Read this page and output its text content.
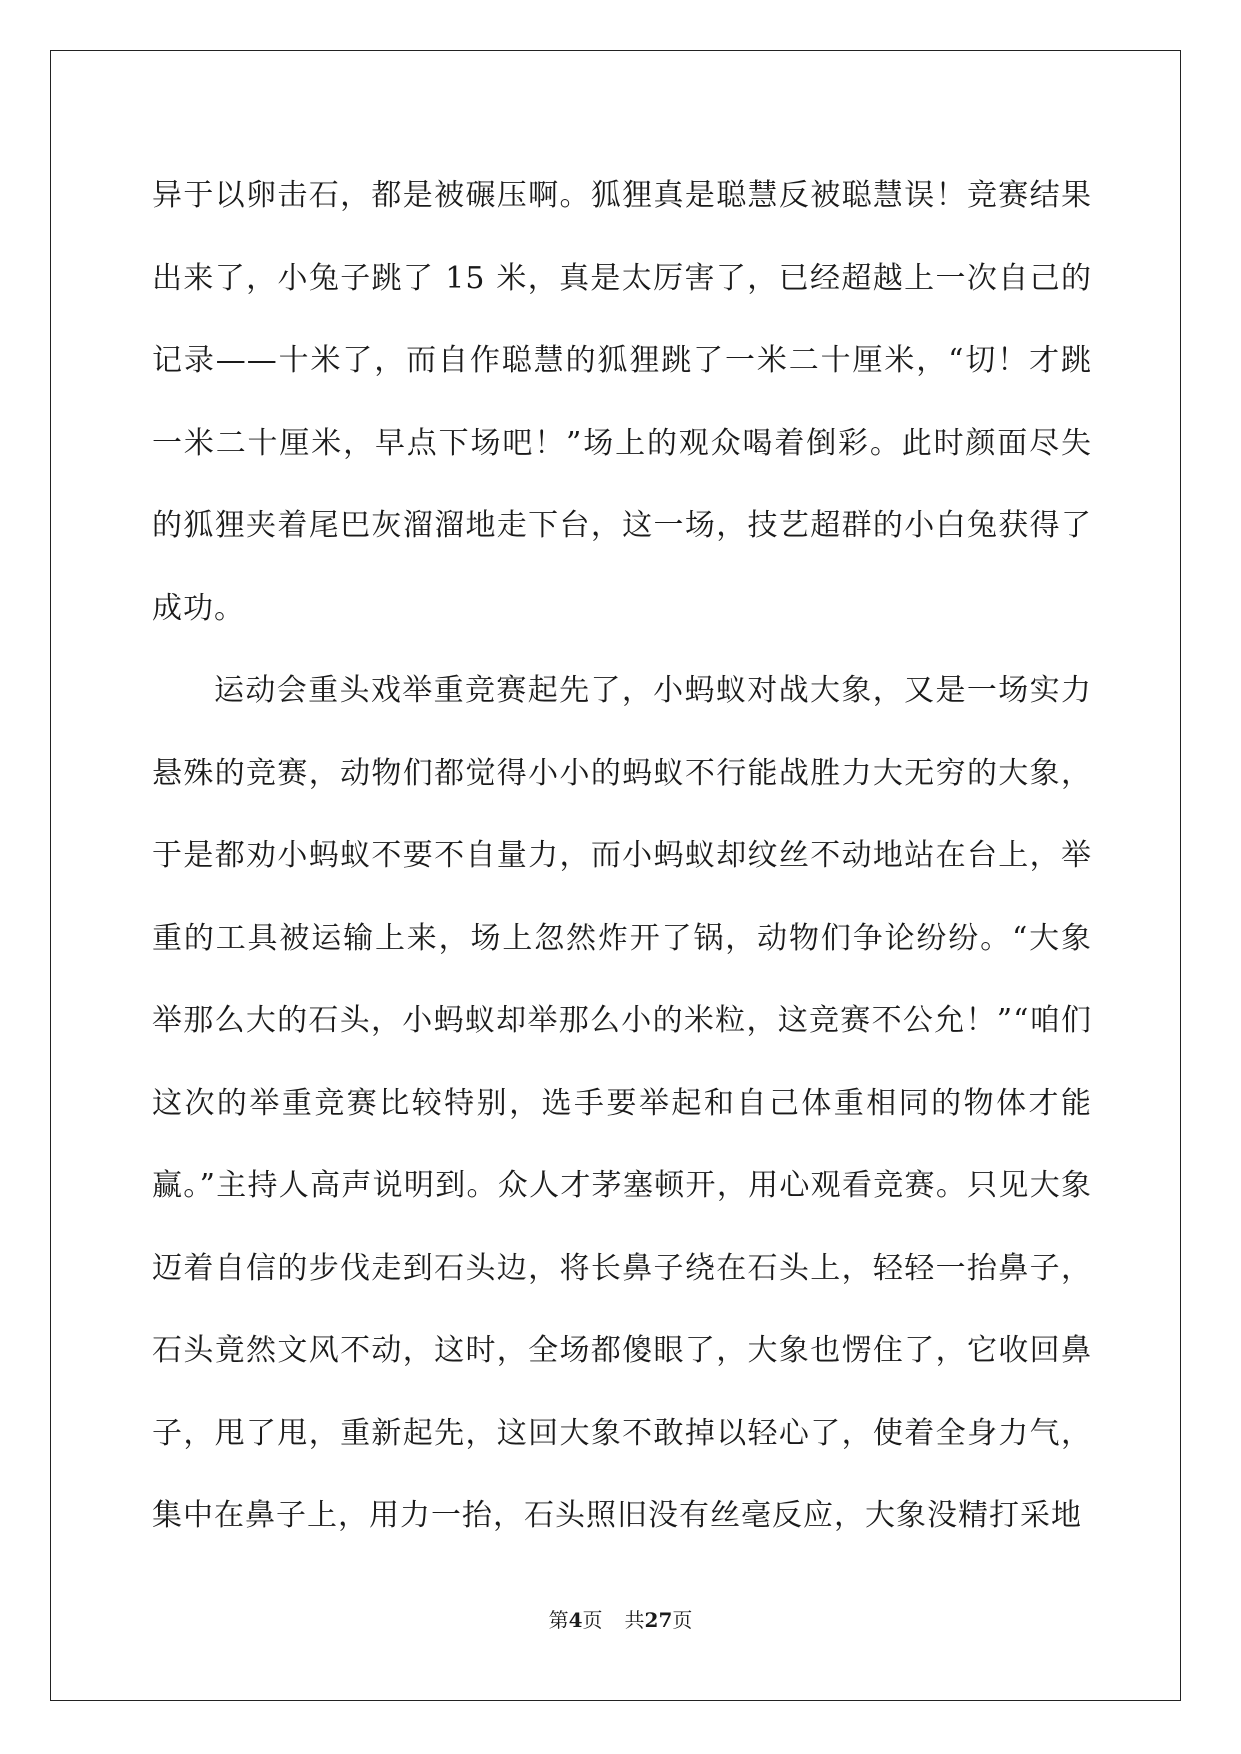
异于以卵击石，都是被碾压啊。狐狸真是聪慧反被聪慧误！竞赛结果出来了，小兔子跳了 15 米，真是太厉害了，已经超越上一次自己的记录——十米了，而自作聪慧的狐狸跳了一米二十厘米，“切！才跳一米二十厘米，早点下场吧！”场上的观众喝着倒彩。此时颜面尽失的狐狸夹着尾巴灰溜溜地走下台，这一场，技艺超群的小白兔获得了成功。

运动会重头戏举重竞赛起先了，小蚂蚁对战大象，又是一场实力悬殊的竞赛，动物们都觉得小小的蚂蚁不行能战胜力大无穷的大象，于是都劝小蚂蚁不要不自量力，而小蚂蚁却纹丝不动地站在台上，举重的工具被运输上来，场上忽然炸开了锅，动物们争论纷纷。“大象举那么大的石头，小蚂蚁却举那么小的米粒，这竞赛不公允！”“咱们这次的举重竞赛比较特别，选手要举起和自己体重相同的物体才能赢。”主持人高声说明到。众人才茅塞顿开，用心观看竞赛。只见大象迈着自信的步伐走到石头边，将长鼻子绕在石头上，轻轻一抬鼻子，石头竟然文风不动，这时，全场都傻眼了，大象也愣住了，它收回鼻子，甩了甩，重新起先，这回大象不敢掉以轻心了，使着全身力气，集中在鼻子上，用力一抬，石头照旧没有丝毫反应，大象没精打采地

第4页 共27页
